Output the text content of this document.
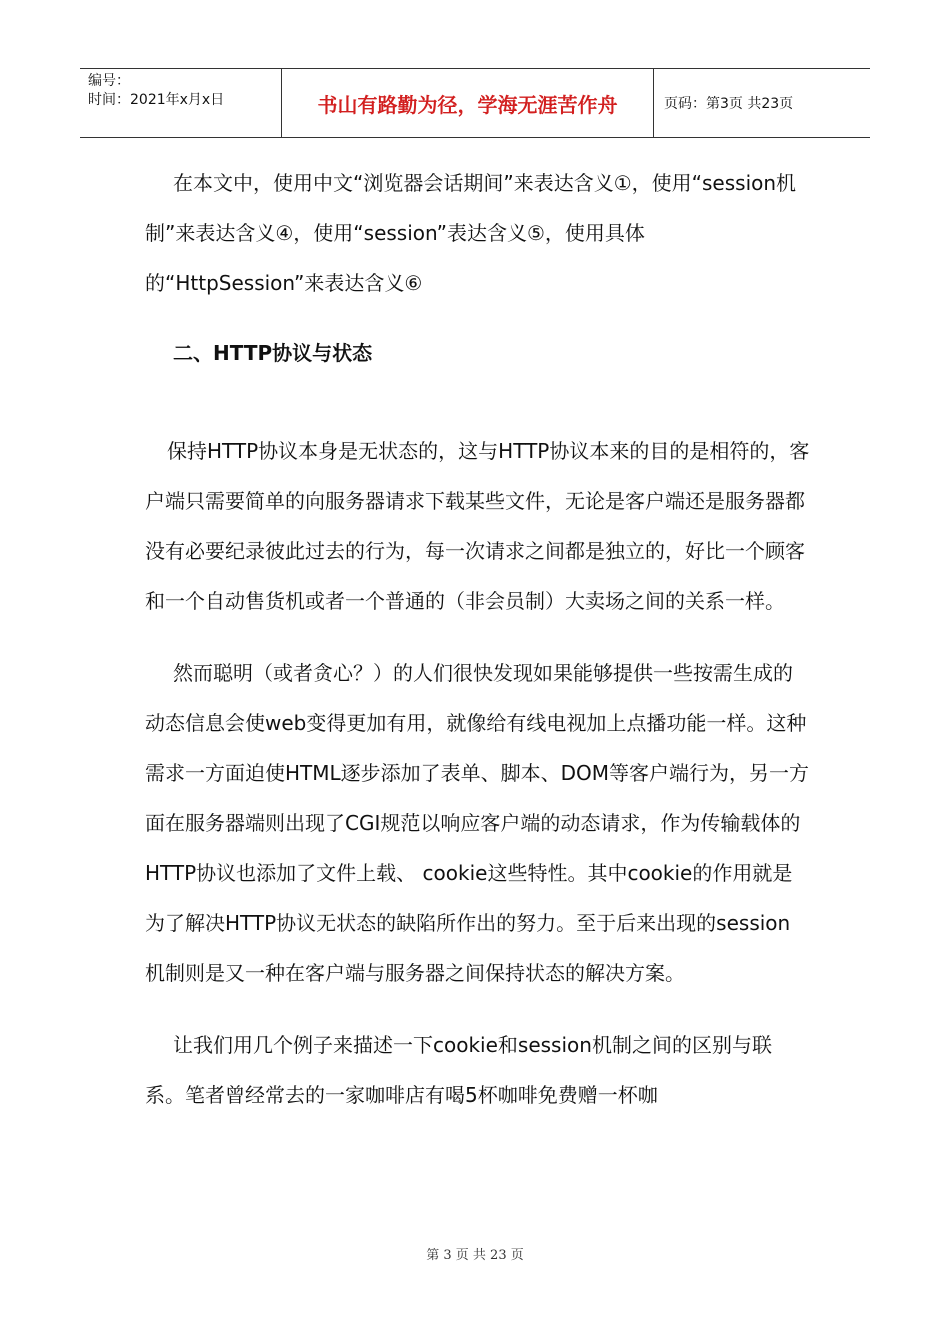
编号：
时间：2021年x月x日	书山有路勤为径，学海无涯苦作舟	页码：第3页 共23页

在本文中，使用中文“浏览器会话期间”来表达含义①，使用“session机制”来表达含义④，使用“session”表达含义⑤，使用具体的“HttpSession”来表达含义⑥

二、HTTP协议与状态

保持HTTP协议本身是无状态的，这与HTTP协议本来的目的是相符的，客户端只需要简单的向服务器请求下载某些文件，无论是客户端还是服务器都没有必要纪录彼此过去的行为，每一次请求之间都是独立的，好比一个顾客和一个自动售货机或者一个普通的（非会员制）大卖场之间的关系一样。

然而聪明（或者贪心？）的人们很快发现如果能够提供一些按需生成的动态信息会使web变得更加有用，就像给有线电视加上点播功能一样。这种需求一方面迫使HTML逐步添加了表单、脚本、DOM等客户端行为，另一方面在服务器端则出现了CGI规范以响应客户端的动态请求，作为传输载体的HTTP协议也添加了文件上载、 cookie这些特性。其中cookie的作用就是为了解决HTTP协议无状态的缺陷所作出的努力。至于后来出现的session机制则是又一种在客户端与服务器之间保持状态的解决方案。

让我们用几个例子来描述一下cookie和session机制之间的区别与联系。笔者曾经常去的一家咖啡店有喝5杯咖啡免费赠一杯咖

第 3 页 共 23 页
